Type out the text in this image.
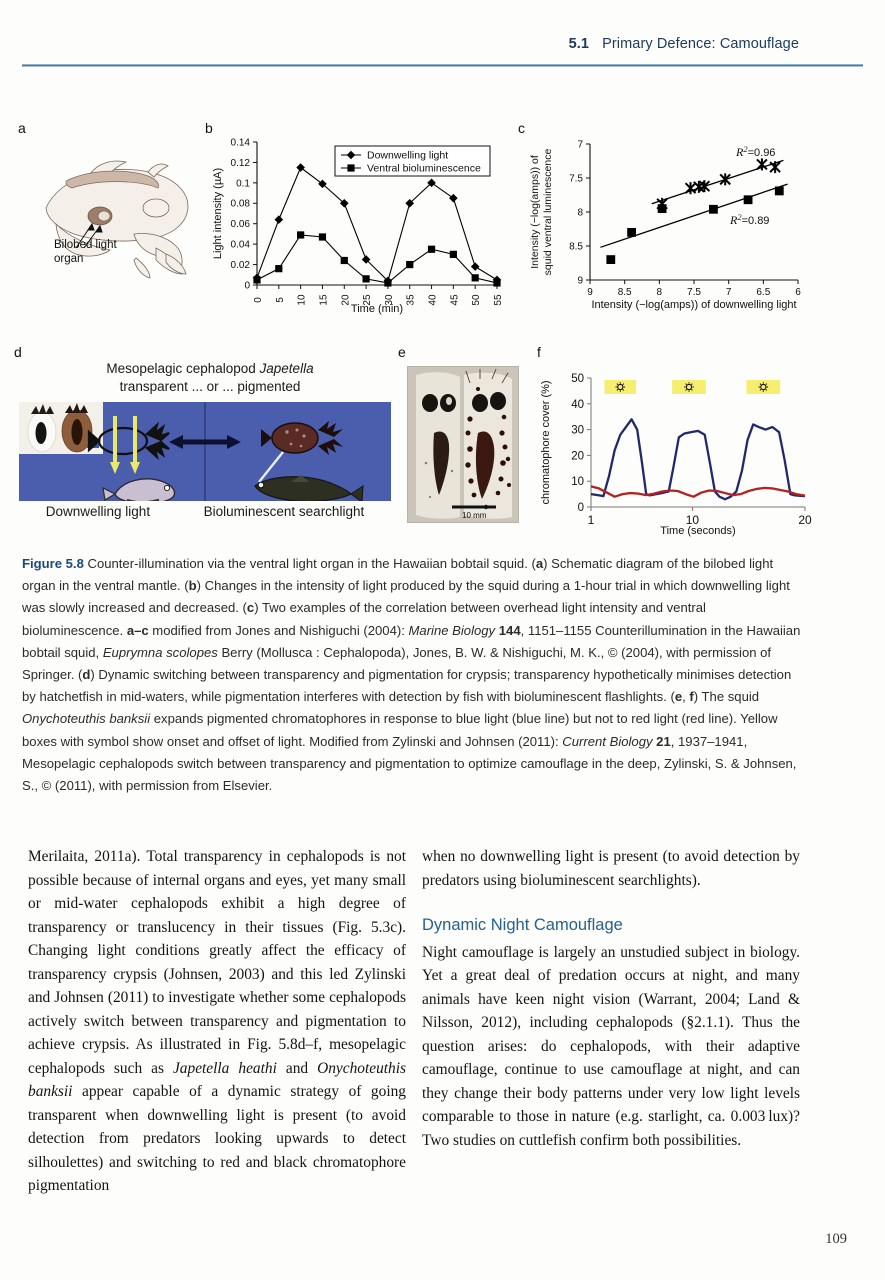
5.1 Primary Defence: Camouflage
a
Bilobed light organ
b
0
0.02
0.04
0.06
0.08
0.1
0.12
0.14
0 5 10 15 20 25 30 35 40 45 50 55
Light intensity (µA)
Time (min)
Downwelling light
Ventral bioluminescence
c
7
7.5
8
8.5
9
9 8.5 8 7.5 7 6.5 6
Intensity (−log(amps)) of squid ventral luminescence
Intensity (−log(amps)) of downwelling light
$R^2=0.96$
$R^2=0.89$
d
Mesopelagic cephalopod Japetella
transparent ... or ... pigmented
Downwelling light	Bioluminescent searchlight
e
10 mm
f
0
10
20
30
40
50
1	10	20
chromatophore cover (%)
Time (seconds)
Figure 5.8 Counter-illumination via the ventral light organ in the Hawaiian bobtail squid. (a) Schematic diagram of the bilobed light organ in the ventral mantle. (b) Changes in the intensity of light produced by the squid during a 1-hour trial in which downwelling light was slowly increased and decreased. (c) Two examples of the correlation between overhead light intensity and ventral bioluminescence. a–c modified from Jones and Nishiguchi (2004): Marine Biology 144, 1151–1155 Counterillumination in the Hawaiian bobtail squid, Euprymna scolopes Berry (Mollusca : Cephalopoda), Jones, B. W. & Nishiguchi, M. K., © (2004), with permission of Springer. (d) Dynamic switching between transparency and pigmentation for crypsis; transparency hypothetically minimises detection by hatchetfish in mid-waters, while pigmentation interferes with detection by fish with bioluminescent flashlights. (e, f) The squid Onychoteuthis banksii expands pigmented chromatophores in response to blue light (blue line) but not to red light (red line). Yellow boxes with symbol show onset and offset of light. Modified from Zylinski and Johnsen (2011): Current Biology 21, 1937–1941, Mesopelagic cephalopods switch between transparency and pigmentation to optimize camouflage in the deep, Zylinski, S. & Johnsen, S., © (2011), with permission from Elsevier.

Merilaita, 2011a). Total transparency in cephalopods is not possible because of internal organs and eyes, yet many small or mid-water cephalopods exhibit a high degree of transparency or translucency in their tissues (Fig. 5.3c). Changing light conditions greatly affect the efficacy of transparency crypsis (Johnsen, 2003) and this led Zylinski and Johnsen (2011) to investigate whether some cephalopods actively switch between transparency and pigmentation to achieve crypsis. As illustrated in Fig. 5.8d–f, mesopelagic cephalopods such as Japetella heathi and Onychoteuthis banksii appear capable of a dynamic strategy of going transparent when downwelling light is present (to avoid detection from predators looking upwards to detect silhoulettes) and switching to red and black chromatophore pigmentation

when no downwelling light is present (to avoid detection by predators using bioluminescent searchlights).

Dynamic Night Camouflage

Night camouflage is largely an unstudied subject in biology. Yet a great deal of predation occurs at night, and many animals have keen night vision (Warrant, 2004; Land & Nilsson, 2012), including cephalopods (§2.1.1). Thus the question arises: do cephalopods, with their adaptive camouflage, continue to use camouflage at night, and can they change their body patterns under very low light levels comparable to those in nature (e.g. starlight, ca. 0.003 lux)? Two studies on cuttlefish confirm both possibilities.

109
